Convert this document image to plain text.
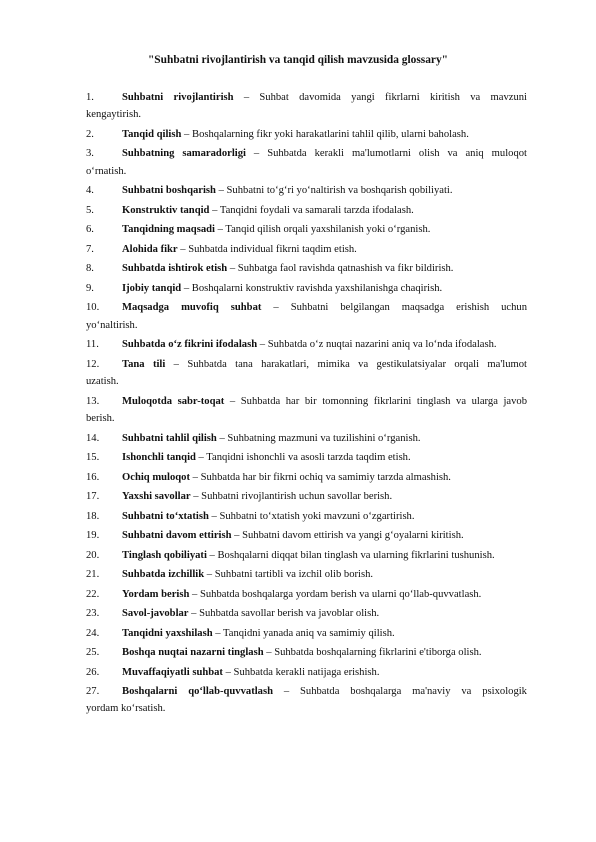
"Suhbatni rivojlantirish va tanqid qilish mavzusida glossary"
1.	Suhbatni rivojlantirish – Suhbat davomida yangi fikrlarni kiritish va mavzuni
kengaytirish.
2.	Tanqid qilish – Boshqalarning fikr yoki harakatlarini tahlil qilib, ularni baholash.
3.	Suhbatning samaradorligi – Suhbatda kerakli ma'lumotlarni olish va aniq muloqot
o‘rnatish.
4.	Suhbatni boshqarish – Suhbatni to‘g‘ri yo‘naltirish va boshqarish qobiliyati.
5.	Konstruktiv tanqid – Tanqidni foydali va samarali tarzda ifodalash.
6.	Tanqidning maqsadi – Tanqid qilish orqali yaxshilanish yoki o‘rganish.
7.	Alohida fikr – Suhbatda individual fikrni taqdim etish.
8.	Suhbatda ishtirok etish – Suhbatga faol ravishda qatnashish va fikr bildirish.
9.	Ijobiy tanqid – Boshqalarni konstruktiv ravishda yaxshilanishga chaqirish.
10. Maqsadga muvofiq suhbat – Suhbatni belgilangan maqsadga erishish uchun
yo‘naltirish.
11. Suhbatda o‘z fikrini ifodalash – Suhbatda o‘z nuqtai nazarini aniq va lo‘nda ifodalash.
12. Tana tili – Suhbatda tana harakatlari, mimika va gestikulatsiyalar orqali ma'lumot
uzatish.
13. Muloqotda sabr-toqat – Suhbatda har bir tomonning fikrlarini tinglash va ularga javob
berish.
14. Suhbatni tahlil qilish – Suhbatning mazmuni va tuzilishini o‘rganish.
15. Ishonchli tanqid – Tanqidni ishonchli va asosli tarzda taqdim etish.
16. Ochiq muloqot – Suhbatda har bir fikrni ochiq va samimiy tarzda almashish.
17. Yaxshi savollar – Suhbatni rivojlantirish uchun savollar berish.
18. Suhbatni to‘xtatish – Suhbatni to‘xtatish yoki mavzuni o‘zgartirish.
19. Suhbatni davom ettirish – Suhbatni davom ettirish va yangi g‘oyalarni kiritish.
20. Tinglash qobiliyati – Boshqalarni diqqat bilan tinglash va ularning fikrlarini tushunish.
21. Suhbatda izchillik – Suhbatni tartibli va izchil olib borish.
22. Yordam berish – Suhbatda boshqalarga yordam berish va ularni qo‘llab-quvvatlash.
23. Savol-javoblar – Suhbatda savollar berish va javoblar olish.
24. Tanqidni yaxshilash – Tanqidni yanada aniq va samimiy qilish.
25. Boshqa nuqtai nazarni tinglash – Suhbatda boshqalarning fikrlarini e'tiborga olish.
26. Muvaffaqiyatli suhbat – Suhbatda kerakli natijaga erishish.
27. Boshqalarni qo‘llab-quvvatlash – Suhbatda boshqalarga ma'naviy va psixologik
yordam ko‘rsatish.
